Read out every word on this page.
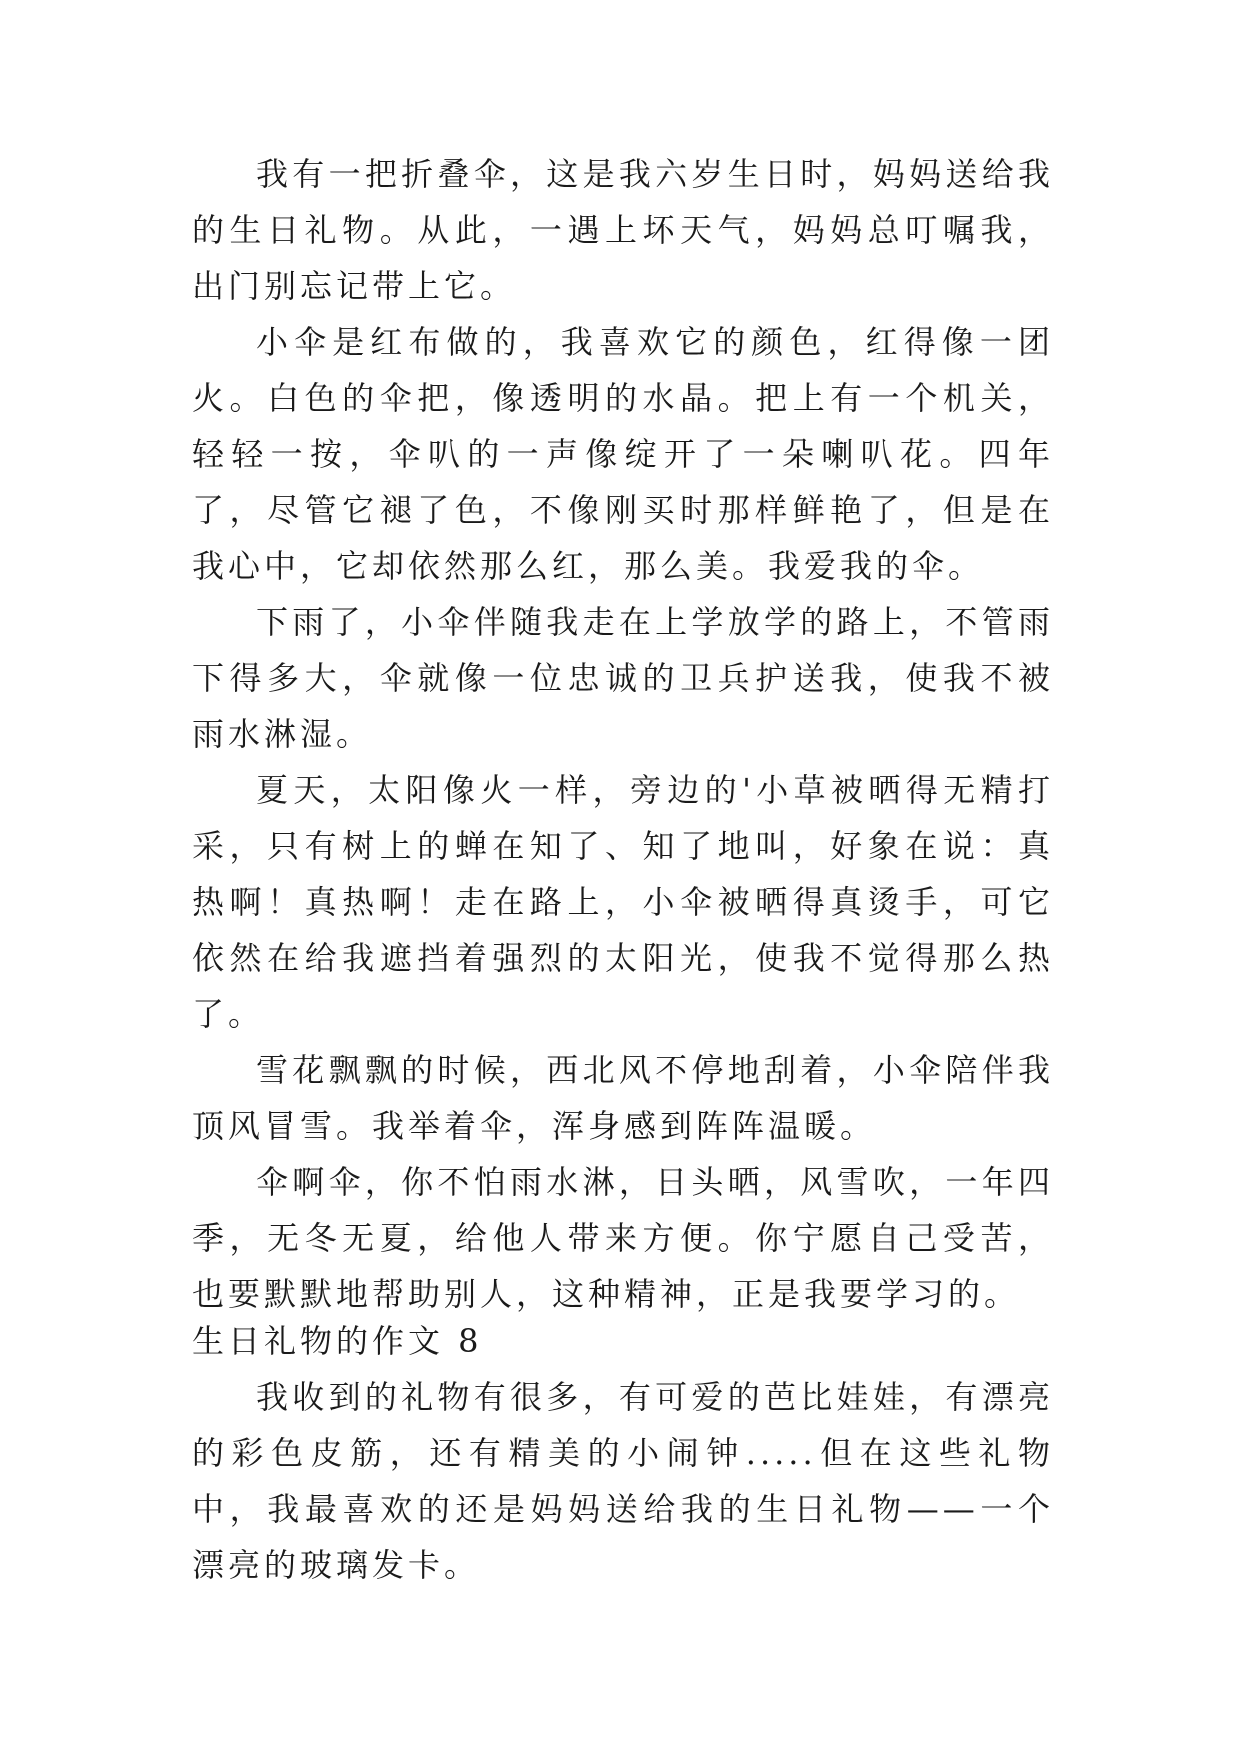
我有一把折叠伞，这是我六岁生日时，妈妈送给我的生日礼物。从此，一遇上坏天气，妈妈总叮嘱我，出门别忘记带上它。

小伞是红布做的，我喜欢它的颜色，红得像一团火。白色的伞把，像透明的水晶。把上有一个机关，轻轻一按，伞叭的一声像绽开了一朵喇叭花。四年了，尽管它褪了色，不像刚买时那样鲜艳了，但是在我心中，它却依然那么红，那么美。我爱我的伞。

下雨了，小伞伴随我走在上学放学的路上，不管雨下得多大，伞就像一位忠诚的卫兵护送我，使我不被雨水淋湿。

夏天，太阳像火一样，旁边的'小草被晒得无精打采，只有树上的蝉在知了、知了地叫，好象在说：真热啊！真热啊！走在路上，小伞被晒得真烫手，可它依然在给我遮挡着强烈的太阳光，使我不觉得那么热了。

雪花飘飘的时候，西北风不停地刮着，小伞陪伴我顶风冒雪。我举着伞，浑身感到阵阵温暖。

伞啊伞，你不怕雨水淋，日头晒，风雪吹，一年四季，无冬无夏，给他人带来方便。你宁愿自己受苦，也要默默地帮助别人，这种精神，正是我要学习的。

生日礼物的作文 8

我收到的礼物有很多，有可爱的芭比娃娃，有漂亮的彩色皮筋，还有精美的小闹钟.....但在这些礼物中，我最喜欢的还是妈妈送给我的生日礼物——一个漂亮的玻璃发卡。
